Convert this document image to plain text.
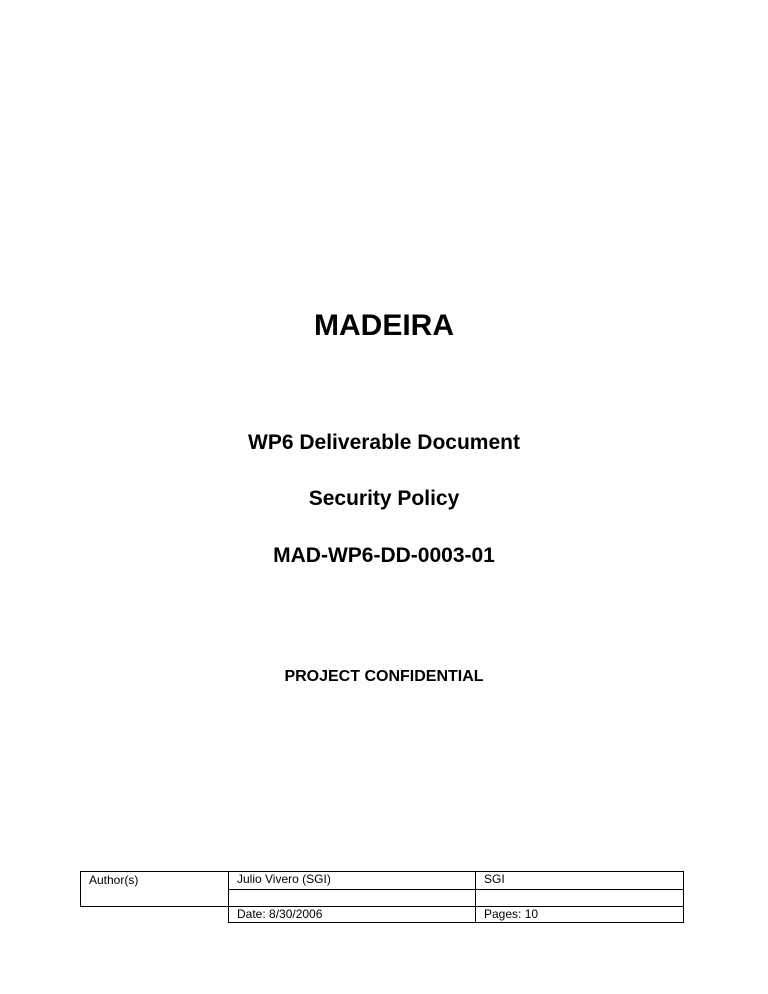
MADEIRA
WP6 Deliverable Document
Security Policy
MAD-WP6-DD-0003-01
PROJECT CONFIDENTIAL
Author(s)	Julio Vivero (SGI)	SGI

	Date: 8/30/2006	Pages: 10
